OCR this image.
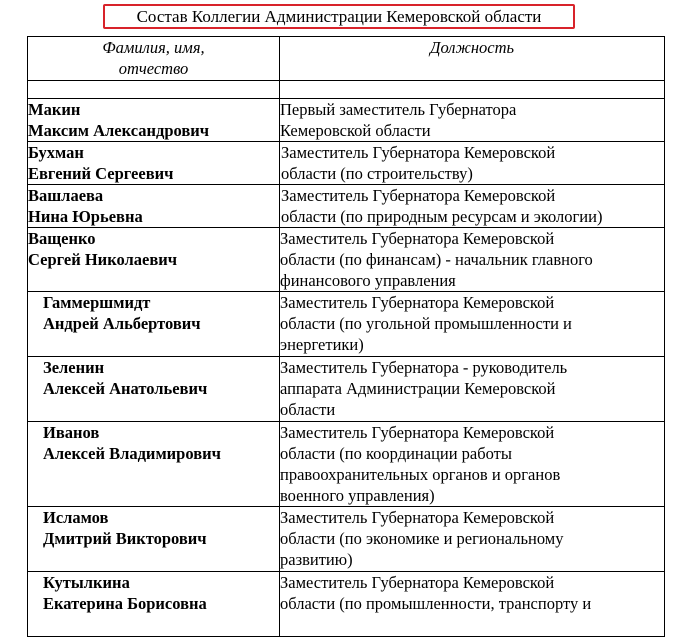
Состав Коллегии Администрации Кемеровской области
Фамилия, имя,
отчество	Должность

Макин
Максим Александрович	Первый заместитель Губернатора
Кемеровской области

Бухман
Евгений Сергеевич	Заместитель Губернатора Кемеровской
области (по строительству)

Вашлаева
Нина Юрьевна	Заместитель Губернатора Кемеровской
области (по природным ресурсам и экологии)

Ващенко
Сергей Николаевич	Заместитель Губернатора Кемеровской
области (по финансам) - начальник главного
финансового управления

Гаммершмидт
Андрей Альбертович	Заместитель Губернатора Кемеровской
области (по угольной промышленности и
энергетики)

Зеленин
Алексей Анатольевич	Заместитель Губернатора - руководитель
аппарата Администрации Кемеровской
области

Иванов
Алексей Владимирович	Заместитель Губернатора Кемеровской
области (по координации работы
правоохранительных органов и органов
военного управления)

Исламов
Дмитрий Викторович	Заместитель Губернатора Кемеровской
области (по экономике и региональному
развитию)

Кутылкина
Екатерина Борисовна	Заместитель Губернатора Кемеровской
области (по промышленности, транспорту и
